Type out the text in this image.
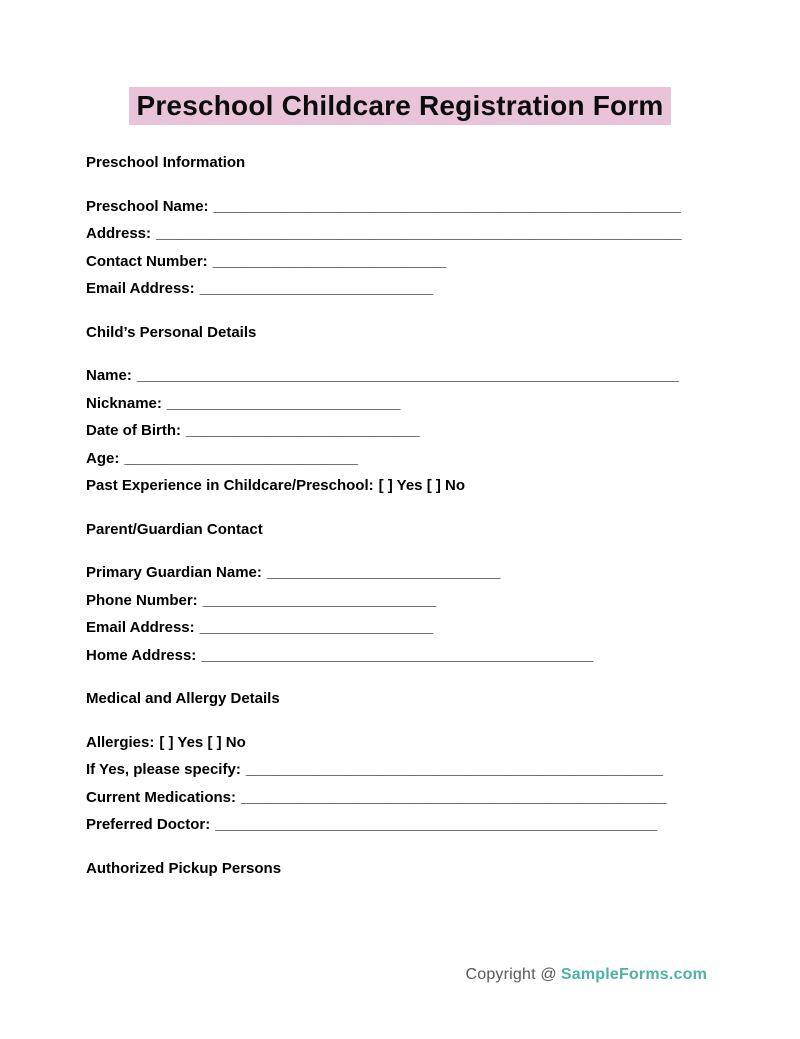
Preschool Childcare Registration Form

Preschool Information

Preschool Name: ________________________________________________________

Address: _______________________________________________________________

Contact Number: ____________________________

Email Address: ____________________________

Child’s Personal Details

Name: _________________________________________________________________

Nickname: ____________________________

Date of Birth: ____________________________

Age: ____________________________

Past Experience in Childcare/Preschool: [ ] Yes [ ] No

Parent/Guardian Contact

Primary Guardian Name: ____________________________

Phone Number: ____________________________

Email Address: ____________________________

Home Address: _______________________________________________

Medical and Allergy Details

Allergies: [ ] Yes [ ] No

If Yes, please specify: __________________________________________________

Current Medications: ___________________________________________________

Preferred Doctor: _____________________________________________________

Authorized Pickup Persons

Copyright @ SampleForms.com
